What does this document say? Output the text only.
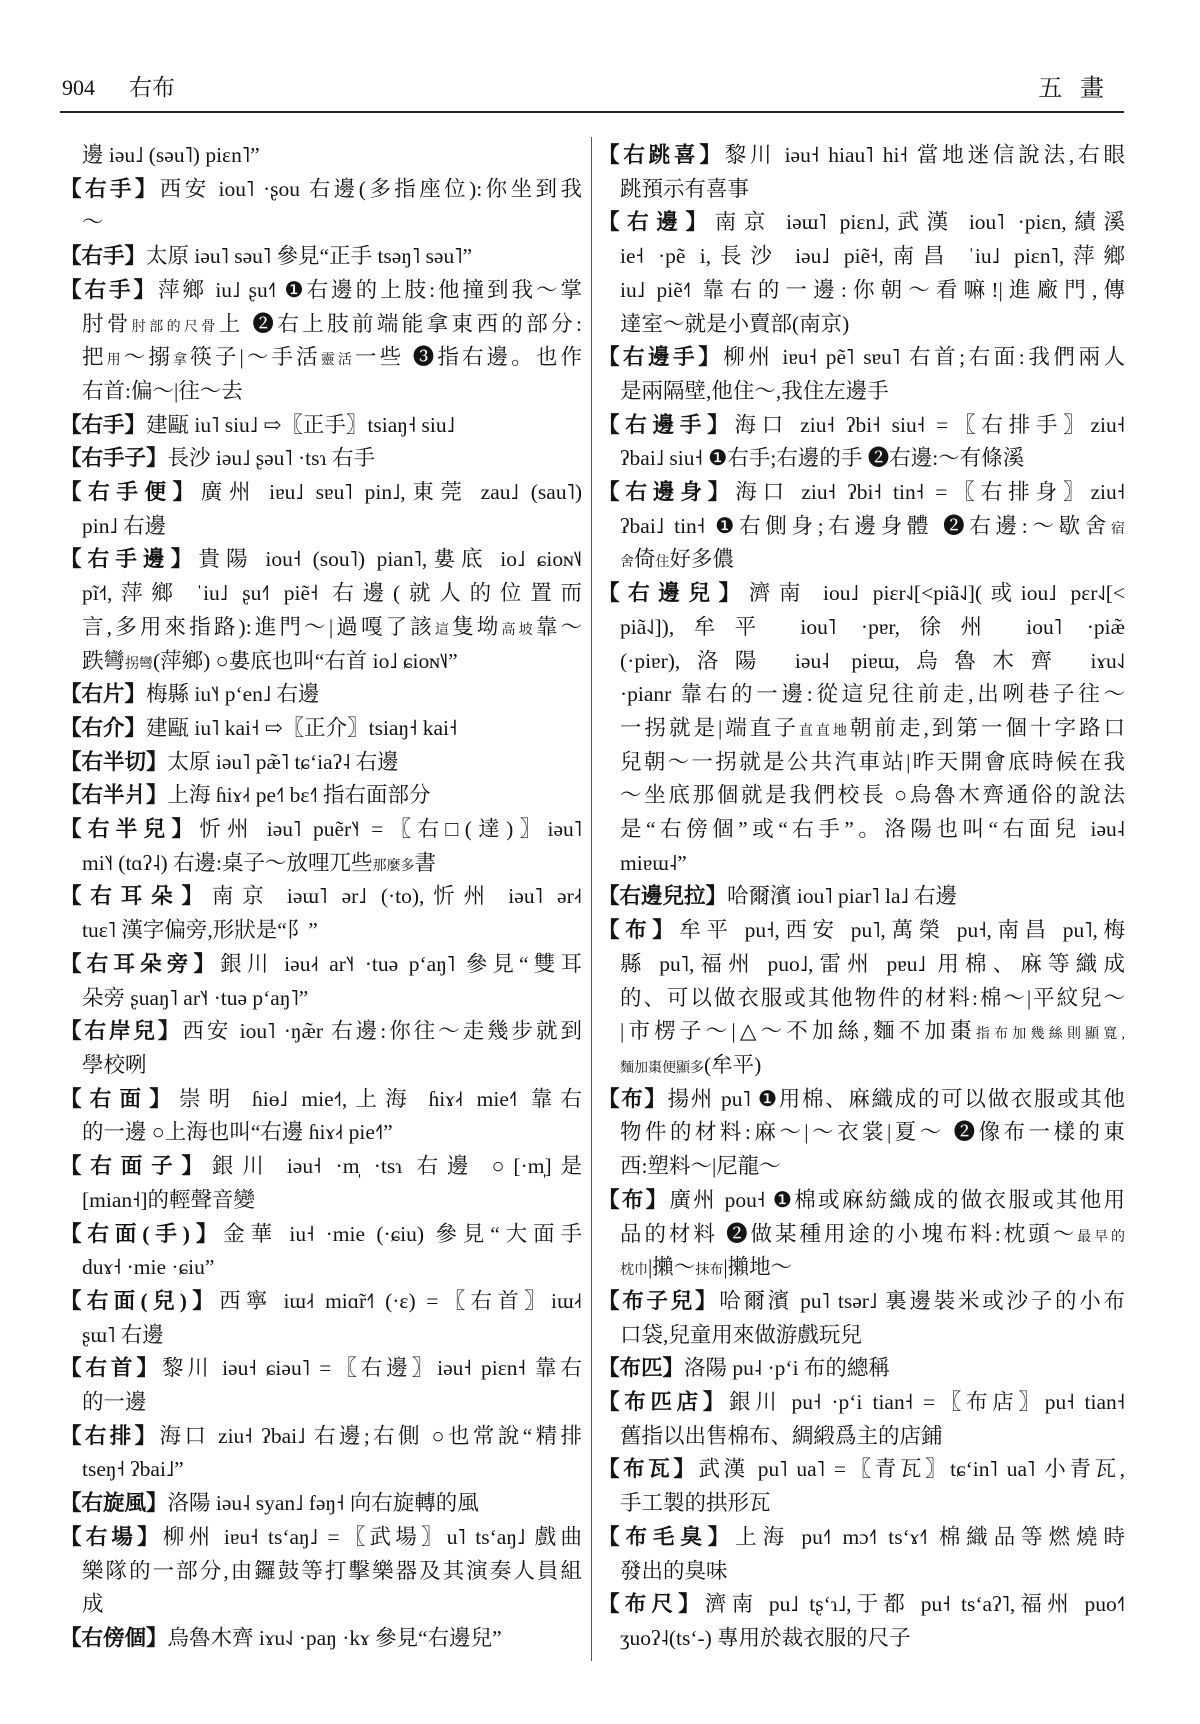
904 右布	五 畫
邊 iəu˩ (səu˥) piɛn˥”
【右手】西安 iou˥ ·ʂou 右邊(多指座位):你坐到我
～
【右手】太原 iəu˥ səu˥ 參見“正手 tsəŋ˥ səu˥”
【右手】萍鄉 iu˩ ʂu˧˥ ❶右邊的上肢:他撞到我～掌
肘骨肘部的尺骨上 ❷右上肢前端能拿東西的部分:
把用～搦拿筷子|～手活靈活一些 ❸指右邊。也作
右首:偏～|往～去
【右手】建甌 iu˥ siu˩ ⇨〖正手〗tsiaŋ˧ siu˩
【右手子】長沙 iəu˩ ʂəu˥ ·tsɿ 右手
【右手便】廣州 iɐu˩ sɐu˥ pin˩,東莞 zau˩ (sau˥)
pin˩ 右邊
【右手邊】貴陽 iou˧ (sou˥) pian˥,婁底 io˩ ɕioɴ˥˩
pĩ˧˦,萍鄉 ˈiu˩ ʂu˧˥ piẽ˧ 右邊(就人的位置而
言,多用來指路):進門～|過嘎了該這隻坳高坡靠～
跌彎拐彎(萍鄉) ○婁底也叫“右首 io˩ ɕioɴ˥˩”
【右片】梅縣 iu˥˧ pʻen˩ 右邊
【右介】建甌 iu˥ kai˧ ⇨〖正介〗tsiaŋ˧ kai˧
【右半切】太原 iəu˥ pæ̃˥ tɕʻiaʔ˨ 右邊
【右半爿】上海 ɦiɤ˨˧ pe˧˥ bɛ˧˥ 指右面部分
【右半兒】忻州 iəu˥ puẽr˥˧ =〖右□(達)〗iəu˥
mi˥˧ (tɑʔ˨) 右邊:桌子～放哩兀些那麼多書
【右耳朵】南京 iəɯ˥ ər˩ (·to),忻州 iəu˥ ər˨˧
tuɛ˥ 漢字偏旁,形狀是“阝”
【右耳朵旁】銀川 iəu˨˧ ar˥˧ ·tuə pʻaŋ˥ 參見“雙耳
朵旁 ʂuaŋ˥ ar˥˧ ·tuə pʻaŋ˥”
【右岸兒】西安 iou˥ ·ŋæ̃r 右邊:你往～走幾步就到
學校咧
【右面】崇明 ɦiɵ˩ mie˧˦,上海 ɦiɤ˨˧ mie˧˥ 靠右
的一邊 ○上海也叫“右邊 ɦiɤ˨˧ pie˧˥”
【右面子】銀川 iəu˧ ·m̩ ·tsɿ 右邊 ○[·m̩]是
[mian˧]的輕聲音變
【右面(手)】金華 iu˧ ·mie (·ɕiu) 參見“大面手
duɤ˧ ·mie ·ɕiu”
【右面(兒)】西寧 iɯ˨˧ miɑ̃r˧˥ (·ɛ) =〖右首〗iɯ˨˧
ʂɯ˥ 右邊
【右首】黎川 iəu˧ ɕiəu˥ =〖右邊〗iəu˧ piɛn˧ 靠右
的一邊
【右排】海口 ziu˧ ʔbai˩ 右邊;右側 ○也常說“精排
tseŋ˧ ʔbai˩”
【右旋風】洛陽 iəu˨ syan˩ fəŋ˧ 向右旋轉的風
【右場】柳州 iɐu˧ tsʻaŋ˩ =〖武場〗u˥ tsʻaŋ˩ 戲曲
樂隊的一部分,由鑼鼓等打擊樂器及其演奏人員組
成
【右傍個】烏魯木齊 iɤu˨˩ ·paŋ ·kɤ 參見“右邊兒”
【右跳喜】黎川 iəu˧ hiau˥ hi˧ 當地迷信說法,右眼
跳預示有喜事
【右邊】南京 iəɯ˥ piɛn˩,武漢 iou˥ ·piɛn,績溪
ie˧ ·pẽ i,長沙 iəu˩ piẽ˧,南昌 ˈiu˩ piɛn˥,萍鄉
iu˩ piẽ˧˥ 靠右的一邊:你朝～看嘛!|進廠門,傳
達室～就是小賣部(南京)
【右邊手】柳州 iɐu˧ pẽ˥ sɐu˥ 右首;右面:我們兩人
是兩隔壁,他住～,我住左邊手
【右邊手】海口 ziu˧ ʔbi˧ siu˧ =〖右排手〗ziu˧
ʔbai˩ siu˧ ❶右手;右邊的手 ❷右邊:～有條溪
【右邊身】海口 ziu˧ ʔbi˧ tin˧ =〖右排身〗ziu˧
ʔbai˩ tin˧ ❶右側身;右邊身體 ❷右邊:～歇舍宿
舍倚住好多儂
【右邊兒】濟南 iou˩ piɛr˨˩[<piã˨˩](或iou˩ pɛr˨˩[<
piã˨˩]),牟平 iou˥ ·pɐr,徐州 iou˥ ·piæ̃
(·piɐr),洛陽 iəu˨ piɐɯ,烏魯木齊 iɤu˨˩
·pianr 靠右的一邊:從這兒往前走,出咧巷子往～
一拐就是|端直子直直地朝前走,到第一個十字路口
兒朝～一拐就是公共汽車站|昨天開會底時候在我
～坐底那個就是我們校長 ○烏魯木齊通俗的說法
是“右傍個”或“右手”。洛陽也叫“右面兒 iəu˨
miɐɯ˨”
【右邊兒拉】哈爾濱 iou˥ piar˥ la˩ 右邊
【布】牟平 pu˧,西安 pu˥,萬榮 pu˧,南昌 pu˥,梅
縣 pu˥,福州 puo˩,雷州 pɐu˩ 用棉、麻等織成
的、可以做衣服或其他物件的材料:棉～|平紋兒～
|市楞子～|△～不加絲,麵不加棗指布加幾絲則顯寬,
麵加棗便顯多(牟平)
【布】揚州 pu˥ ❶用棉、麻織成的可以做衣服或其他
物件的材料:麻～|～衣裳|夏～ ❷像布一樣的東
西:塑料～|尼龍～
【布】廣州 pou˧ ❶棉或麻紡織成的做衣服或其他用
品的材料 ❷做某種用途的小塊布料:枕頭～最早的
枕巾|攋～抹布|攋地～
【布子兒】哈爾濱 pu˥ tsər˩ 裏邊裝米或沙子的小布
口袋,兒童用來做游戲玩兒
【布匹】洛陽 pu˨ ·pʻi 布的總稱
【布匹店】銀川 pu˧ ·pʻi tian˧ =〖布店〗pu˧ tian˧
舊指以出售棉布、綢緞爲主的店鋪
【布瓦】武漢 pu˥ ua˥ =〖青瓦〗tɕʻin˥ ua˥ 小青瓦,
手工製的拱形瓦
【布毛臭】上海 pu˧˥ mɔ˧˥ tsʻɤ˧˥ 棉織品等燃燒時
發出的臭味
【布尺】濟南 pu˩ tʂʻɿ˩,于都 pu˧ tsʻaʔ˥,福州 puo˧˥
ʒuoʔ˨(tsʻ-) 專用於裁衣服的尺子
